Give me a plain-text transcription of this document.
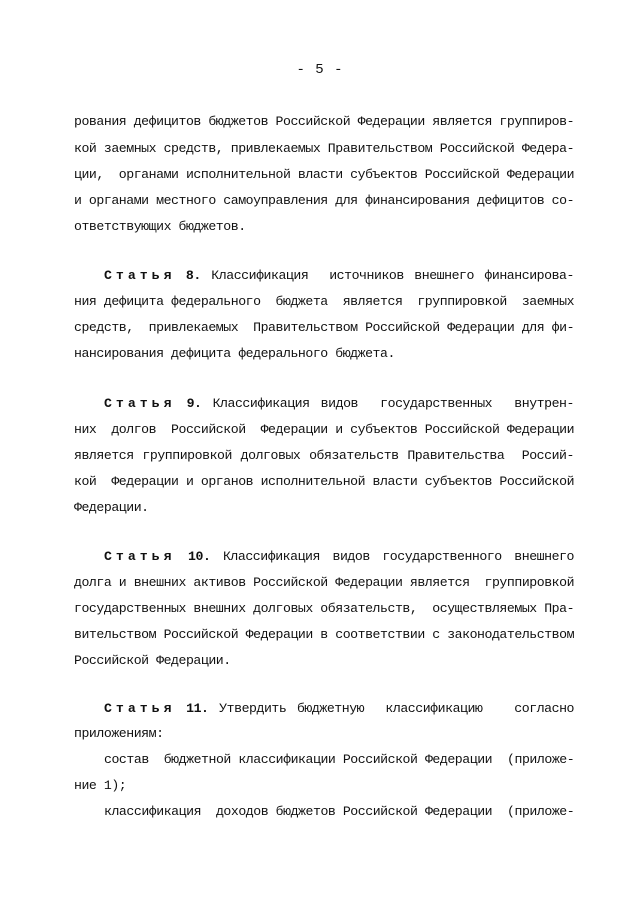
- 5 -
рования дефицитов бюджетов Российской Федерации является группиров-
кой заемных средств, привлекаемых Правительством Российской Федера-
ции,  органами исполнительной власти субъектов Российской Федерации
и органами местного самоуправления для финансирования дефицитов со-
ответствующих бюджетов.
Статья 8. Классификация  источников внешнего финансирова-
ния дефицита федерального  бюджета  является  группировкой  заемных
средств,  привлекаемых  Правительством Российской Федерации для фи-
нансирования дефицита федерального бюджета.
Статья 9. Классификация видов  государственных  внутрен-
них  долгов  Российской  Федерации и субъектов Российской Федерации
является группировкой долговых обязательств Правительства  Россий-
кой  Федерации и органов исполнительной власти субъектов Российской
Федерации.
Статья 10. Классификация видов государственного внешнего
долга и внешних активов Российской Федерации является  группировкой
государственных внешних долговых обязательств,  осуществляемых Пра-
вительством Российской Федерации в соответствии с законодательством
Российской Федерации.
Статья 11. Утвердить бюджетную  классификацию   согласно
приложениям:
состав  бюджетной классификации Российской Федерации  (приложе-
ние 1);
классификация  доходов бюджетов Российской Федерации  (приложе-
